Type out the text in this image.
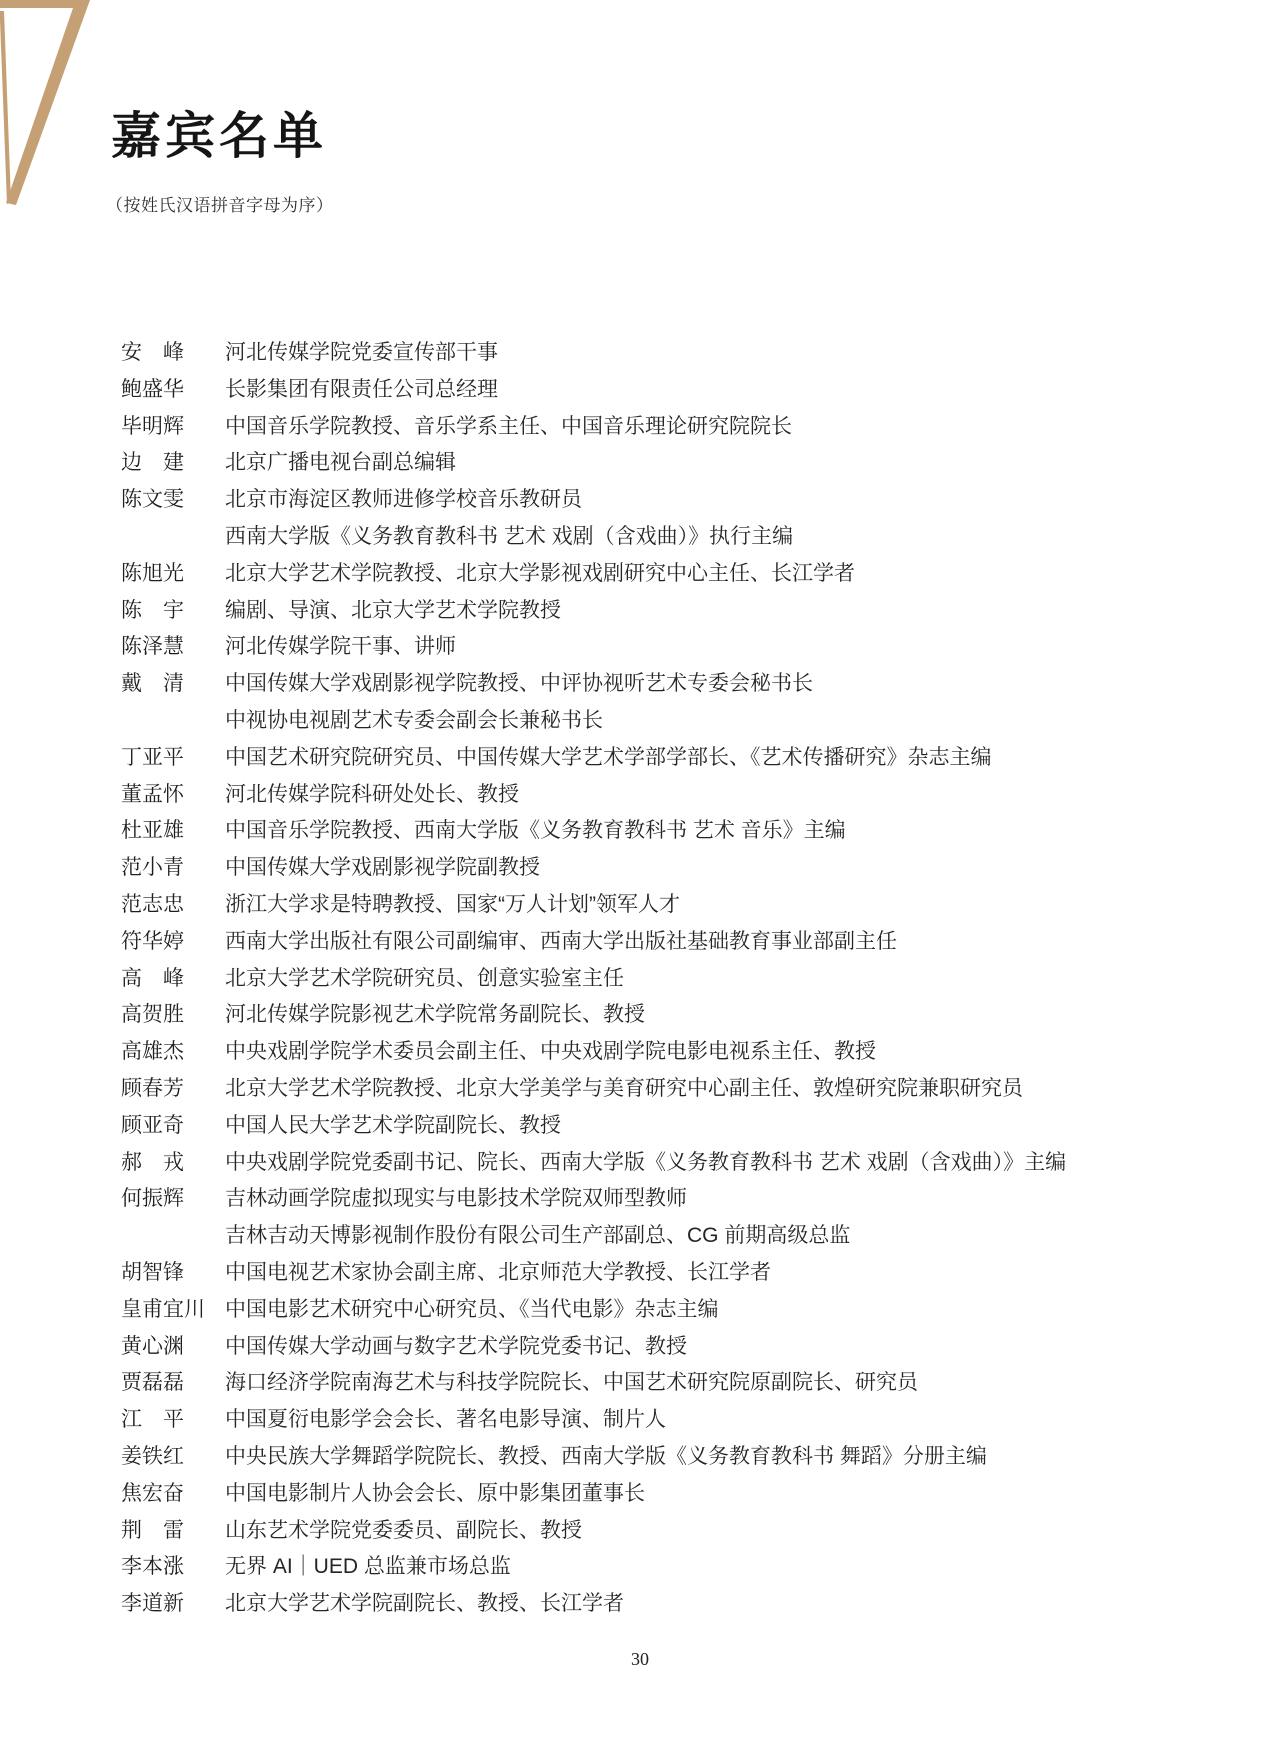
嘉宾名单
（按姓氏汉语拼音字母为序）
安　峰 河北传媒学院党委宣传部干事
鲍盛华 长影集团有限责任公司总经理
毕明辉 中国音乐学院教授、音乐学系主任、中国音乐理论研究院院长
边　建 北京广播电视台副总编辑
陈文雯 北京市海淀区教师进修学校音乐教研员
西南大学版《义务教育教科书 艺术 戏剧（含戏曲）》执行主编
陈旭光 北京大学艺术学院教授、北京大学影视戏剧研究中心主任、长江学者
陈　宇 编剧、导演、北京大学艺术学院教授
陈泽慧 河北传媒学院干事、讲师
戴　清 中国传媒大学戏剧影视学院教授、中评协视听艺术专委会秘书长
中视协电视剧艺术专委会副会长兼秘书长
丁亚平 中国艺术研究院研究员、中国传媒大学艺术学部学部长、《艺术传播研究》杂志主编
董孟怀 河北传媒学院科研处处长、教授
杜亚雄 中国音乐学院教授、西南大学版《义务教育教科书 艺术 音乐》主编
范小青 中国传媒大学戏剧影视学院副教授
范志忠 浙江大学求是特聘教授、国家“万人计划”领军人才
符华婷 西南大学出版社有限公司副编审、西南大学出版社基础教育事业部副主任
高　峰 北京大学艺术学院研究员、创意实验室主任
高贺胜 河北传媒学院影视艺术学院常务副院长、教授
高雄杰 中央戏剧学院学术委员会副主任、中央戏剧学院电影电视系主任、教授
顾春芳 北京大学艺术学院教授、北京大学美学与美育研究中心副主任、敦煌研究院兼职研究员
顾亚奇 中国人民大学艺术学院副院长、教授
郝　戎 中央戏剧学院党委副书记、院长、西南大学版《义务教育教科书 艺术 戏剧（含戏曲）》主编
何振辉 吉林动画学院虚拟现实与电影技术学院双师型教师
吉林吉动天博影视制作股份有限公司生产部副总、CG 前期高级总监
胡智锋 中国电视艺术家协会副主席、北京师范大学教授、长江学者
皇甫宜川 中国电影艺术研究中心研究员、《当代电影》杂志主编
黄心渊 中国传媒大学动画与数字艺术学院党委书记、教授
贾磊磊 海口经济学院南海艺术与科技学院院长、中国艺术研究院原副院长、研究员
江　平 中国夏衍电影学会会长、著名电影导演、制片人
姜铁红 中央民族大学舞蹈学院院长、教授、西南大学版《义务教育教科书 舞蹈》分册主编
焦宏奋 中国电影制片人协会会长、原中影集团董事长
荆　雷 山东艺术学院党委委员、副院长、教授
李本涨 无界 AI｜UED 总监兼市场总监
李道新 北京大学艺术学院副院长、教授、长江学者
30
